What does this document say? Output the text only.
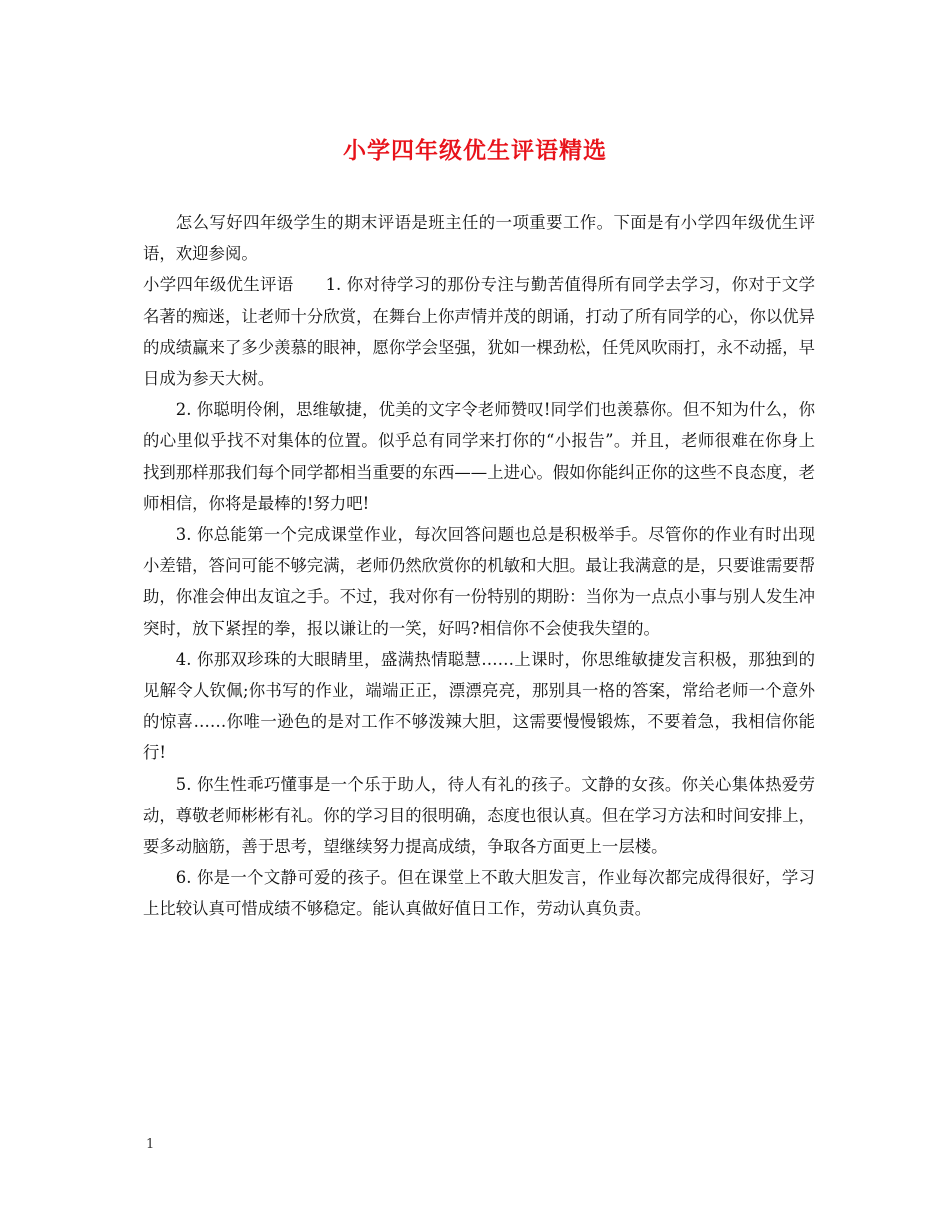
小学四年级优生评语精选

怎么写好四年级学生的期末评语是班主任的一项重要工作。下面是有小学四年级优生评语，欢迎参阅。

小学四年级优生评语 1. 你对待学习的那份专注与勤苦值得所有同学去学习，你对于文学名著的痴迷，让老师十分欣赏，在舞台上你声情并茂的朗诵，打动了所有同学的心，你以优异的成绩赢来了多少羡慕的眼神，愿你学会坚强，犹如一棵劲松，任凭风吹雨打，永不动摇，早日成为参天大树。

2. 你聪明伶俐，思维敏捷，优美的文字令老师赞叹!同学们也羡慕你。但不知为什么，你的心里似乎找不对集体的位置。似乎总有同学来打你的“小报告”。并且，老师很难在你身上找到那样那我们每个同学都相当重要的东西——上进心。假如你能纠正你的这些不良态度，老师相信，你将是最棒的!努力吧!

3. 你总能第一个完成课堂作业，每次回答问题也总是积极举手。尽管你的作业有时出现小差错，答问可能不够完满，老师仍然欣赏你的机敏和大胆。最让我满意的是，只要谁需要帮助，你准会伸出友谊之手。不过，我对你有一份特别的期盼：当你为一点点小事与别人发生冲突时，放下紧捏的拳，报以谦让的一笑，好吗?相信你不会使我失望的。

4. 你那双珍珠的大眼睛里，盛满热情聪慧……上课时，你思维敏捷发言积极，那独到的见解令人钦佩;你书写的作业，端端正正，漂漂亮亮，那别具一格的答案，常给老师一个意外的惊喜……你唯一逊色的是对工作不够泼辣大胆，这需要慢慢锻炼，不要着急，我相信你能行!

5. 你生性乖巧懂事是一个乐于助人，待人有礼的孩子。文静的女孩。你关心集体热爱劳动，尊敬老师彬彬有礼。你的学习目的很明确，态度也很认真。但在学习方法和时间安排上，要多动脑筋，善于思考，望继续努力提高成绩，争取各方面更上一层楼。

6. 你是一个文静可爱的孩子。但在课堂上不敢大胆发言，作业每次都完成得很好，学习上比较认真可惜成绩不够稳定。能认真做好值日工作，劳动认真负责。

1
